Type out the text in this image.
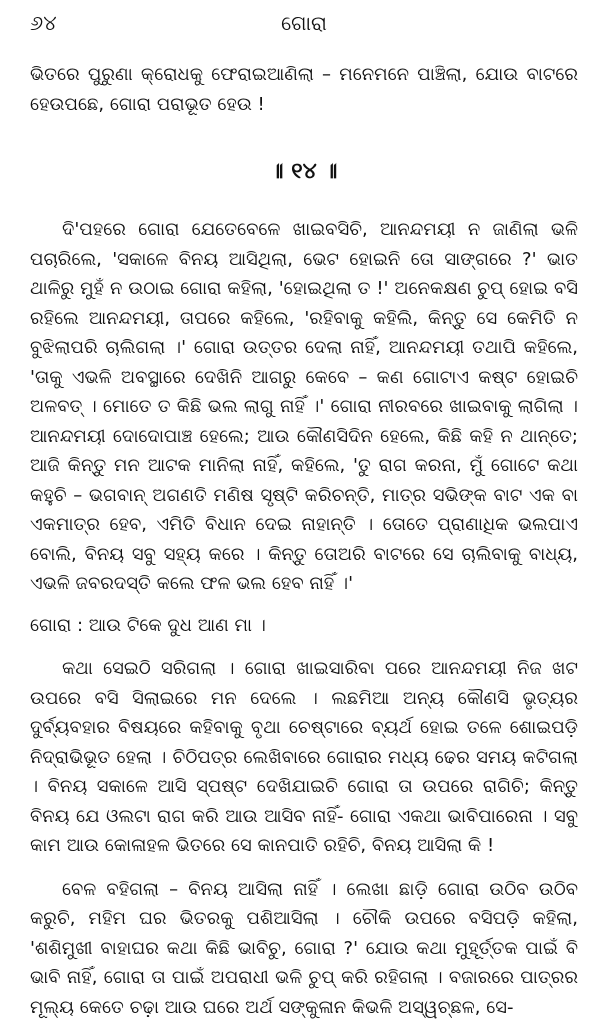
୬୪	ଗୋରା

ଭିତରେ ପୁରୁଣା କ୍ରୋଧକୁ ଫେରାଇଆଣିଲା – ମନେମନେ ପାଞ୍ଚିଲା, ଯୋଉ ବାଟରେ ହେଉପଛେ, ଗୋରା ପରାଭୂତ ହେଉ !

॥ ୧୪ ॥

ଦି'ପହରେ ଗୋରା ଯେତେବେଳେ ଖାଇବସିଚି, ଆନନ୍ଦମୟୀ ନ ଜାଣିଲା ଭଳି ପଚାରିଲେ, 'ସକାଳେ ବିନୟ ଆସିଥିଲା, ଭେଟ ହୋଇନି ତୋ ସାଙ୍ଗରେ ?' ଭାତ ଥାଳିରୁ ମୁହଁ ନ ଉଠାଇ ଗୋରା କହିଲା, 'ହୋଇଥିଲା ତ !' ଅନେକକ୍ଷଣ ଚୁପ୍ ହୋଇ ବସି ରହିଲେ ଆନନ୍ଦମୟୀ, ତାପରେ କହିଲେ, 'ରହିବାକୁ କହିଲି, କିନ୍ତୁ ସେ କେମିତି ନ ବୁଝିଲାପରି ଚାଲିଗଲା ।' ଗୋରା ଉତ୍ତର ଦେଲା ନାହିଁ, ଆନନ୍ଦମୟୀ ତଥାପି କହିଲେ, 'ତାକୁ ଏଭଳି ଅବସ୍ଥାରେ ଦେଖିନି ଆଗରୁ କେବେ – କଣ ଗୋଟାଏ କଷ୍ଟ ହୋଇଚି ଅଳବତ୍ । ମୋତେ ତ କିଛି ଭଲ ଲାଗୁ ନାହିଁ ।' ଗୋରା ନୀରବରେ ଖାଇବାକୁ ଲାଗିଲା । ଆନନ୍ଦମୟୀ ଦୋଦୋପାଞ୍ଚ ହେଲେ; ଆଉ କୌଣସିଦିନ ହେଲେ, କିଛି କହି ନ ଥାନ୍ତେ; ଆଜି କିନ୍ତୁ ମନ ଆଟକ ମାନିଲା ନାହିଁ, କହିଲେ, 'ତୁ ରାଗ କରନା, ମୁଁ ଗୋଟେ କଥା କହୁଚି – ଭଗବାନ୍ ଅଗଣତି ମଣିଷ ସୃଷ୍ଟି କରିଚନ୍ତି, ମାତ୍ର ସଭିଙ୍କ ବାଟ ଏକ ବା ଏକମାତ୍ର ହେବ, ଏମିତି ବିଧାନ ଦେଇ ନାହାନ୍ତି । ତୋତେ ପ୍ରାଣାଧିକ ଭଲପାଏ ବୋଲି, ବିନୟ ସବୁ ସହ୍ୟ କରେ । କିନ୍ତୁ ତୋଅରି ବାଟରେ ସେ ଚାଲିବାକୁ ବାଧ୍ୟ, ଏଭଳି ଜବରଦସ୍ତି କଲେ ଫଳ ଭଲ ହେବ ନାହିଁ ।'

ଗୋରା : ଆଉ ଟିକେ ଦୁଧ ଆଣ ମା ।

କଥା ସେଇଠି ସରିଗଲା । ଗୋରା ଖାଇସାରିବା ପରେ ଆନନ୍ଦମୟୀ ନିଜ ଖଟ ଉପରେ ବସି ସିଲାଇରେ ମନ ଦେଲେ । ଲଛମିଆ ଅନ୍ୟ କୌଣସି ଭୃତ୍ୟର ଦୁର୍ବ୍ୟବହାର ବିଷୟରେ କହିବାକୁ ବୃଥା ଚେଷ୍ଟାରେ ବ୍ୟର୍ଥ ହୋଇ ତଳେ ଶୋଇପଡ଼ି ନିଦ୍ରାଭିଭୂତ ହେଲା । ଚିଠିପତ୍ର ଲେଖିବାରେ ଗୋରାର ମଧ୍ୟ ଢେର ସମୟ କଟିଗଲା । ବିନୟ ସକାଳେ ଆସି ସ୍ପଷ୍ଟ ଦେଖିଯାଇଚି ଗୋରା ତା ଉପରେ ରାଗିଚି; କିନ୍ତୁ ବିନୟ ଯେ ଓଲଟା ରାଗ କରି ଆଉ ଆସିବ ନାହିଁ- ଗୋରା ଏକଥା ଭାବିପାରେନା । ସବୁ କାମ ଆଉ କୋଳାହଳ ଭିତରେ ସେ କାନପାତି ରହିଚି, ବିନୟ ଆସିଲା କି !

ବେଳ ବହିଗଲା – ବିନୟ ଆସିଲା ନାହିଁ । ଲେଖା ଛାଡ଼ି ଗୋରା ଉଠିବ ଉଠିବ କରୁଚି, ମହିମ ଘର ଭିତରକୁ ପଶିଆସିଲା । ଚୌକି ଉପରେ ବସିପଡ଼ି କହିଲା, 'ଶଶିମୁଖୀ ବାହାଘର କଥା କିଛି ଭାବିଚୁ, ଗୋରା ?' ଯୋଉ କଥା ମୁହୂର୍ତ୍ତକ ପାଇଁ ବି ଭାବି ନାହିଁ, ଗୋରା ତା ପାଇଁ ଅପରାଧୀ ଭଳି ଚୁପ୍ କରି ରହିଗଲା । ବଜାରରେ ପାତ୍ରର ମୂଲ୍ୟ କେତେ ଚଢ଼ା ଆଉ ଘରେ ଅର୍ଥ ସଙ୍କୁଳାନ କିଭଳି ଅସ୍ୱଚ୍ଛଳ, ସେ-
